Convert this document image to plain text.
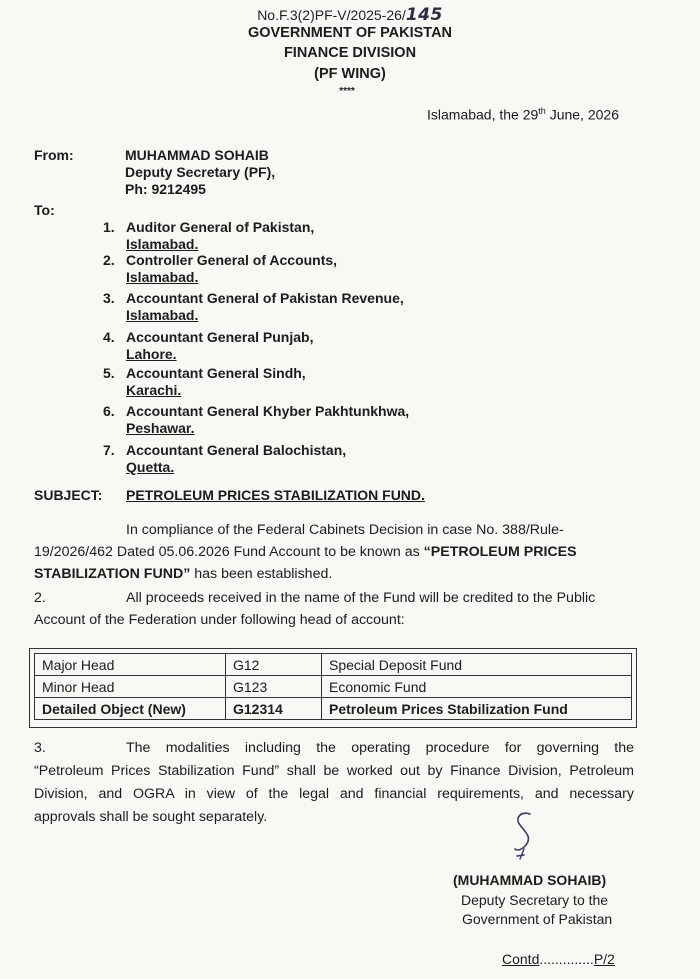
No.F.3(2)PF-V/2025-26/145
GOVERNMENT OF PAKISTAN
FINANCE DIVISION
(PF WING)
****
Islamabad, the 29th June, 2026
From:	MUHAMMAD SOHAIB
Deputy Secretary (PF),
Ph: 9212495
To:
1. Auditor General of Pakistan,
Islamabad.
2. Controller General of Accounts,
Islamabad.
3. Accountant General of Pakistan Revenue,
Islamabad.
4. Accountant General Punjab,
Lahore.
5. Accountant General Sindh,
Karachi.
6. Accountant General Khyber Pakhtunkhwa,
Peshawar.
7. Accountant General Balochistan,
Quetta.
SUBJECT: PETROLEUM PRICES STABILIZATION FUND.
In compliance of the Federal Cabinets Decision in case No. 388/Rule-
19/2026/462 Dated 05.06.2026 Fund Account to be known as “PETROLEUM PRICES
STABILIZATION FUND” has been established.
2.	All proceeds received in the name of the Fund will be credited to the Public
Account of the Federation under following head of account:
Major Head	G12	Special Deposit Fund
Minor Head	G123	Economic Fund
Detailed Object (New)	G12314	Petroleum Prices Stabilization Fund
3.	The modalities including the operating procedure for governing the
“Petroleum Prices Stabilization Fund” shall be worked out by Finance Division, Petroleum
Division, and OGRA in view of the legal and financial requirements, and necessary
approvals shall be sought separately.
(MUHAMMAD SOHAIB)
Deputy Secretary to the
Government of Pakistan
Contd..............P/2
